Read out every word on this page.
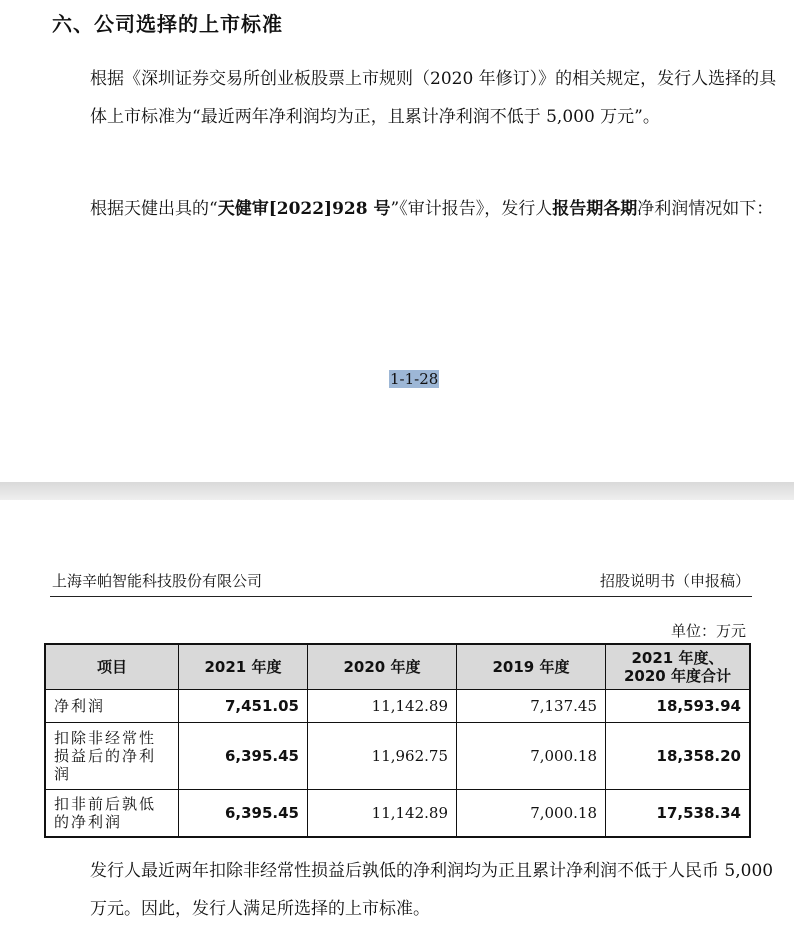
六、公司选择的上市标准

根据《深圳证券交易所创业板股票上市规则（2020 年修订）》的相关规定，发行人选择的具体上市标准为“最近两年净利润均为正，且累计净利润不低于 5,000 万元”。

根据天健出具的“天健审[2022]928 号”《审计报告》，发行人报告期各期净利润情况如下：

1-1-28
上海辛帕智能科技股份有限公司	招股说明书（申报稿）
单位：万元
项目	2021 年度	2020 年度	2019 年度	2021 年度、2020 年度合计
净利润	7,451.05	11,142.89	7,137.45	18,593.94
扣除非经常性损益后的净利润	6,395.45	11,962.75	7,000.18	18,358.20
扣非前后孰低的净利润	6,395.45	11,142.89	7,000.18	17,538.34

发行人最近两年扣除非经常性损益后孰低的净利润均为正且累计净利润不低于人民币 5,000 万元。因此，发行人满足所选择的上市标准。
